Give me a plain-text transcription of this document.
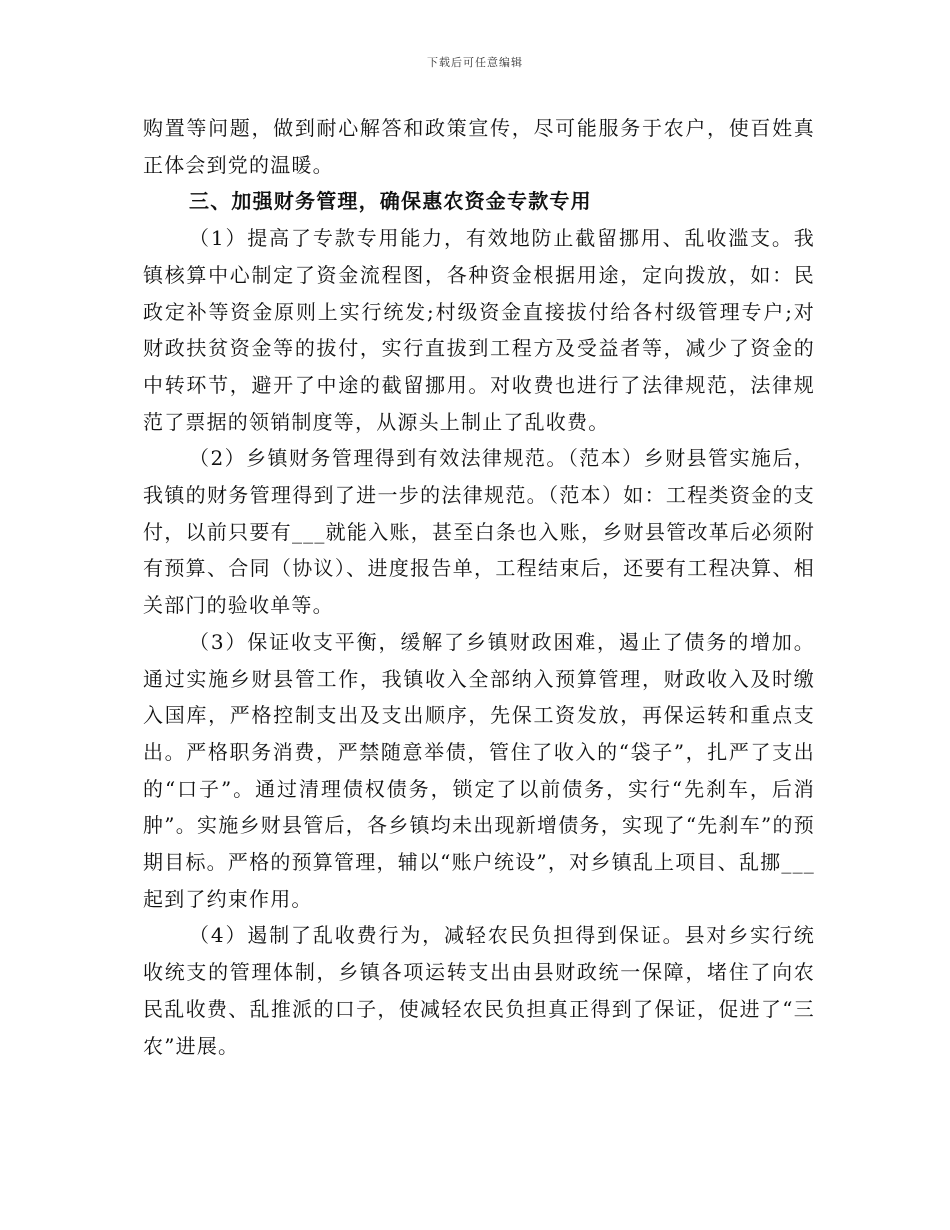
下载后可任意编辑

购置等问题，做到耐心解答和政策宣传，尽可能服务于农户，使百姓真正体会到党的温暖。

三、加强财务管理，确保惠农资金专款专用

（1）提高了专款专用能力，有效地防止截留挪用、乱收滥支。我镇核算中心制定了资金流程图，各种资金根据用途，定向拨放，如：民政定补等资金原则上实行统发;村级资金直接拔付给各村级管理专户;对财政扶贫资金等的拔付，实行直拔到工程方及受益者等，减少了资金的中转环节，避开了中途的截留挪用。对收费也进行了法律规范，法律规范了票据的领销制度等，从源头上制止了乱收费。

（2）乡镇财务管理得到有效法律规范。（范本）乡财县管实施后，我镇的财务管理得到了进一步的法律规范。（范本）如：工程类资金的支付，以前只要有___就能入账，甚至白条也入账，乡财县管改革后必须附有预算、合同（协议）、进度报告单，工程结束后，还要有工程决算、相关部门的验收单等。

（3）保证收支平衡，缓解了乡镇财政困难，遏止了债务的增加。通过实施乡财县管工作，我镇收入全部纳入预算管理，财政收入及时缴入国库，严格控制支出及支出顺序，先保工资发放，再保运转和重点支出。严格职务消费，严禁随意举债，管住了收入的“袋子”，扎严了支出的“口子”。通过清理债权债务，锁定了以前债务，实行“先刹车，后消肿”。实施乡财县管后，各乡镇均未出现新增债务，实现了“先刹车”的预期目标。严格的预算管理，辅以“账户统设”，对乡镇乱上项目、乱挪___起到了约束作用。

（4）遏制了乱收费行为，减轻农民负担得到保证。县对乡实行统收统支的管理体制，乡镇各项运转支出由县财政统一保障，堵住了向农民乱收费、乱推派的口子，使减轻农民负担真正得到了保证，促进了“三农”进展。
